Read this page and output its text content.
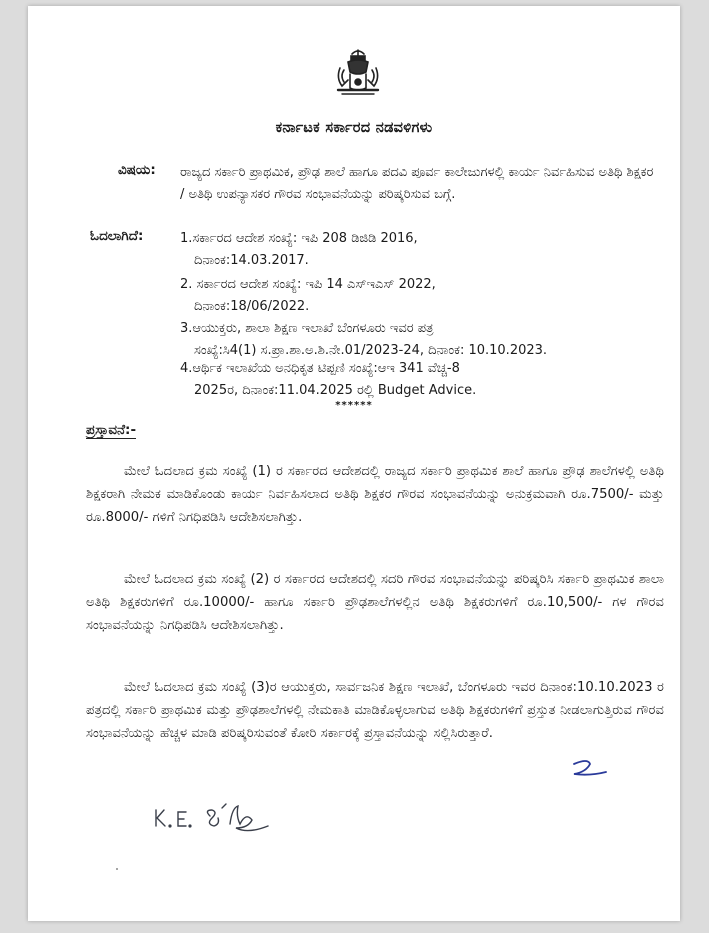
ಕರ್ನಾಟಕ ಸರ್ಕಾರದ ನಡವಳಿಗಳು
ವಿಷಯ: ರಾಜ್ಯದ ಸರ್ಕಾರಿ ಪ್ರಾಥಮಿಕ, ಪ್ರೌಢ ಶಾಲೆ ಹಾಗೂ ಪದವಿ ಪೂರ್ವ ಕಾಲೇಜುಗಳಲ್ಲಿ ಕಾರ್ಯ ನಿರ್ವಹಿಸುವ ಅತಿಥಿ ಶಿಕ್ಷಕರ / ಅತಿಥಿ ಉಪನ್ಯಾಸಕರ ಗೌರವ ಸಂಭಾವನೆಯನ್ನು ಪರಿಷ್ಕರಿಸುವ ಬಗ್ಗೆ.
ಓದಲಾಗಿದೆ:	1.ಸರ್ಕಾರದ ಆದೇಶ ಸಂಖ್ಯೆ: ಇಪಿ 208 ಡಿಜಿಡಿ 2016,
ದಿನಾಂಕ:14.03.2017.
2. ಸರ್ಕಾರದ ಆದೇಶ ಸಂಖ್ಯೆ: ಇಪಿ 14 ಎಸ್‌ಇಎಸ್ 2022,
ದಿನಾಂಕ:18/06/2022.
3.ಆಯುಕ್ತರು, ಶಾಲಾ ಶಿಕ್ಷಣ ಇಲಾಖೆ ಬೆಂಗಳೂರು ಇವರ ಪತ್ರ
ಸಂಖ್ಯೆ:ಸಿ4(1) ಸ.ಪ್ರಾ.ಶಾ.ಅ.ಶಿ.ನೇ.01/2023-24, ದಿನಾಂಕ: 10.10.2023.
4.ಆರ್ಥಿಕ ಇಲಾಖೆಯ ಅನಧಿಕೃತ ಟಿಪ್ಪಣಿ ಸಂಖ್ಯೆ:ಆಇ 341 ವೆಚ್ಚ-8
2025ರ, ದಿನಾಂಕ:11.04.2025 ರಲ್ಲಿ Budget Advice.
******
ಪ್ರಸ್ತಾವನೆ:-
ಮೇಲೆ ಓದಲಾದ ಕ್ರಮ ಸಂಖ್ಯೆ (1) ರ ಸರ್ಕಾರದ ಆದೇಶದಲ್ಲಿ ರಾಜ್ಯದ ಸರ್ಕಾರಿ ಪ್ರಾಥಮಿಕ ಶಾಲೆ ಹಾಗೂ ಪ್ರೌಢ ಶಾಲೆಗಳಲ್ಲಿ ಅತಿಥಿ ಶಿಕ್ಷಕರಾಗಿ ನೇಮಕ ಮಾಡಿಕೊಂಡು ಕಾರ್ಯ ನಿರ್ವಹಿಸಲಾದ ಅತಿಥಿ ಶಿಕ್ಷಕರ ಗೌರವ ಸಂಭಾವನೆಯನ್ನು ಅನುಕ್ರಮವಾಗಿ ರೂ.7500/- ಮತ್ತು ರೂ.8000/- ಗಳಿಗೆ ನಿಗಧಿಪಡಿಸಿ ಆದೇಶಿಸಲಾಗಿತ್ತು.
ಮೇಲೆ ಓದಲಾದ ಕ್ರಮ ಸಂಖ್ಯೆ (2) ರ ಸರ್ಕಾರದ ಆದೇಶದಲ್ಲಿ ಸದರಿ ಗೌರವ ಸಂಭಾವನೆಯನ್ನು ಪರಿಷ್ಕರಿಸಿ ಸರ್ಕಾರಿ ಪ್ರಾಥಮಿಕ ಶಾಲಾ ಅತಿಥಿ ಶಿಕ್ಷಕರುಗಳಿಗೆ ರೂ.10000/- ಹಾಗೂ ಸರ್ಕಾರಿ ಪ್ರೌಢಶಾಲೆಗಳಲ್ಲಿನ ಅತಿಥಿ ಶಿಕ್ಷಕರುಗಳಿಗೆ ರೂ.10,500/- ಗಳ ಗೌರವ ಸಂಭಾವನೆಯನ್ನು ನಿಗಧಿಪಡಿಸಿ ಆದೇಶಿಸಲಾಗಿತ್ತು.
ಮೇಲೆ ಓದಲಾದ ಕ್ರಮ ಸಂಖ್ಯೆ (3)ರ ಆಯುಕ್ತರು, ಸಾರ್ವಜನಿಕ ಶಿಕ್ಷಣ ಇಲಾಖೆ, ಬೆಂಗಳೂರು ಇವರ ದಿನಾಂಕ:10.10.2023 ರ ಪತ್ರದಲ್ಲಿ ಸರ್ಕಾರಿ ಪ್ರಾಥಮಿಕ ಮತ್ತು ಪ್ರೌಢಶಾಲೆಗಳಲ್ಲಿ ನೇಮಕಾತಿ ಮಾಡಿಕೊಳ್ಳಲಾಗುವ ಅತಿಥಿ ಶಿಕ್ಷಕರುಗಳಿಗೆ ಪ್ರಸ್ತುತ ನೀಡಲಾಗುತ್ತಿರುವ ಗೌರವ ಸಂಭಾವನೆಯನ್ನು ಹೆಚ್ಚಳ ಮಾಡಿ ಪರಿಷ್ಕರಿಸುವಂತೆ ಕೋರಿ ಸರ್ಕಾರಕ್ಕೆ ಪ್ರಸ್ತಾವನೆಯನ್ನು ಸಲ್ಲಿಸಿರುತ್ತಾರೆ.
